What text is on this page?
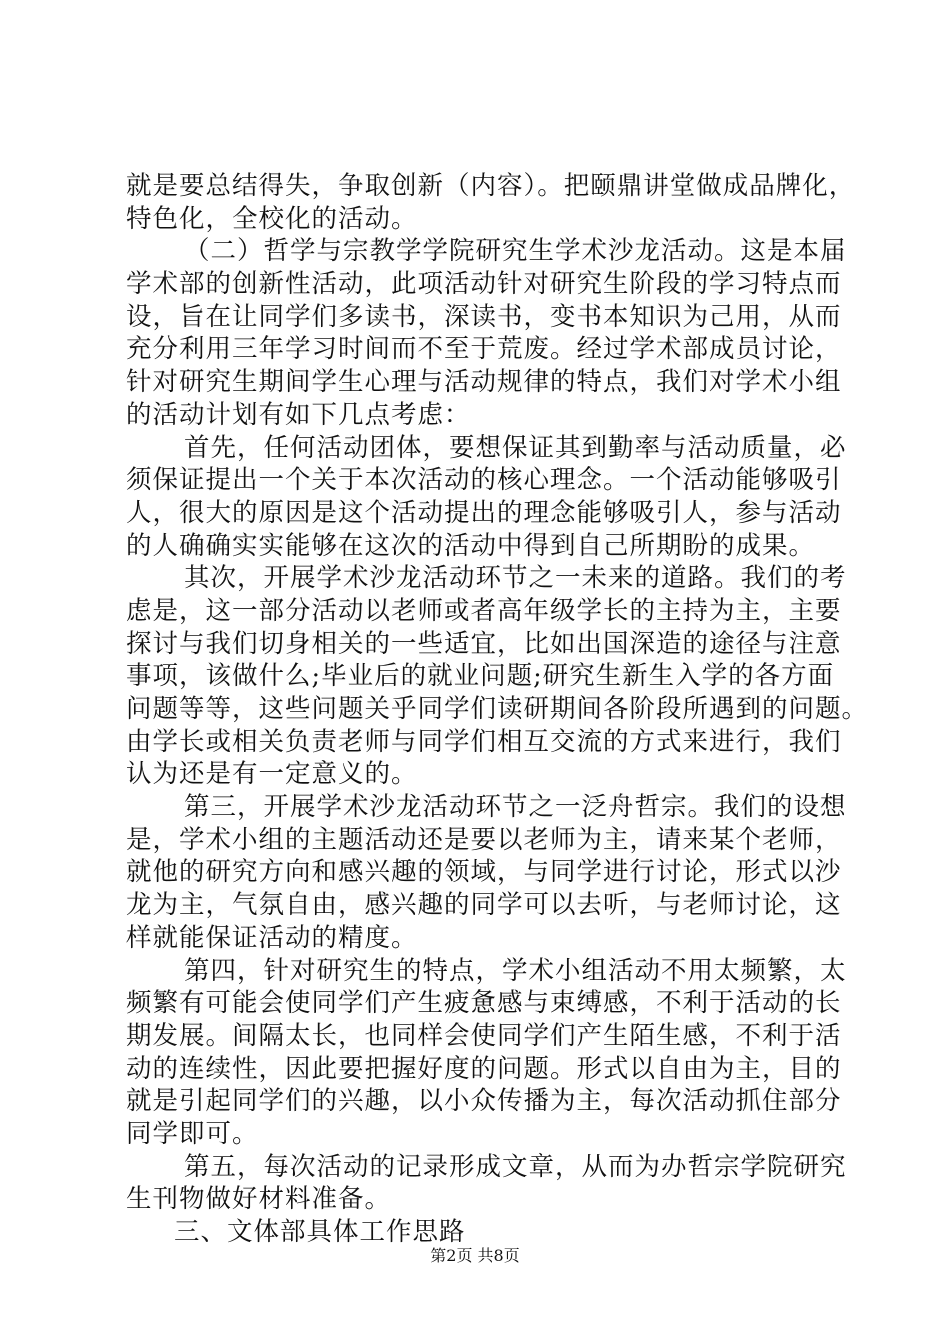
就是要总结得失，争取创新（内容）。把颐鼎讲堂做成品牌化，
特色化，全校化的活动。
（二）哲学与宗教学学院研究生学术沙龙活动。这是本届
学术部的创新性活动，此项活动针对研究生阶段的学习特点而
设，旨在让同学们多读书，深读书，变书本知识为己用，从而
充分利用三年学习时间而不至于荒废。经过学术部成员讨论，
针对研究生期间学生心理与活动规律的特点，我们对学术小组
的活动计划有如下几点考虑：
首先，任何活动团体，要想保证其到勤率与活动质量，必
须保证提出一个关于本次活动的核心理念。一个活动能够吸引
人，很大的原因是这个活动提出的理念能够吸引人，参与活动
的人确确实实能够在这次的活动中得到自己所期盼的成果。
其次，开展学术沙龙活动环节之一未来的道路。我们的考
虑是，这一部分活动以老师或者高年级学长的主持为主，主要
探讨与我们切身相关的一些适宜，比如出国深造的途径与注意
事项，该做什么;毕业后的就业问题;研究生新生入学的各方面
问题等等，这些问题关乎同学们读研期间各阶段所遇到的问题。
由学长或相关负责老师与同学们相互交流的方式来进行，我们
认为还是有一定意义的。
第三，开展学术沙龙活动环节之一泛舟哲宗。我们的设想
是，学术小组的主题活动还是要以老师为主，请来某个老师，
就他的研究方向和感兴趣的领域，与同学进行讨论，形式以沙
龙为主，气氛自由，感兴趣的同学可以去听，与老师讨论，这
样就能保证活动的精度。
第四，针对研究生的特点，学术小组活动不用太频繁，太
频繁有可能会使同学们产生疲惫感与束缚感，不利于活动的长
期发展。间隔太长，也同样会使同学们产生陌生感，不利于活
动的连续性，因此要把握好度的问题。形式以自由为主，目的
就是引起同学们的兴趣，以小众传播为主，每次活动抓住部分
同学即可。
第五，每次活动的记录形成文章，从而为办哲宗学院研究
生刊物做好材料准备。
三、文体部具体工作思路
第2页 共8页
